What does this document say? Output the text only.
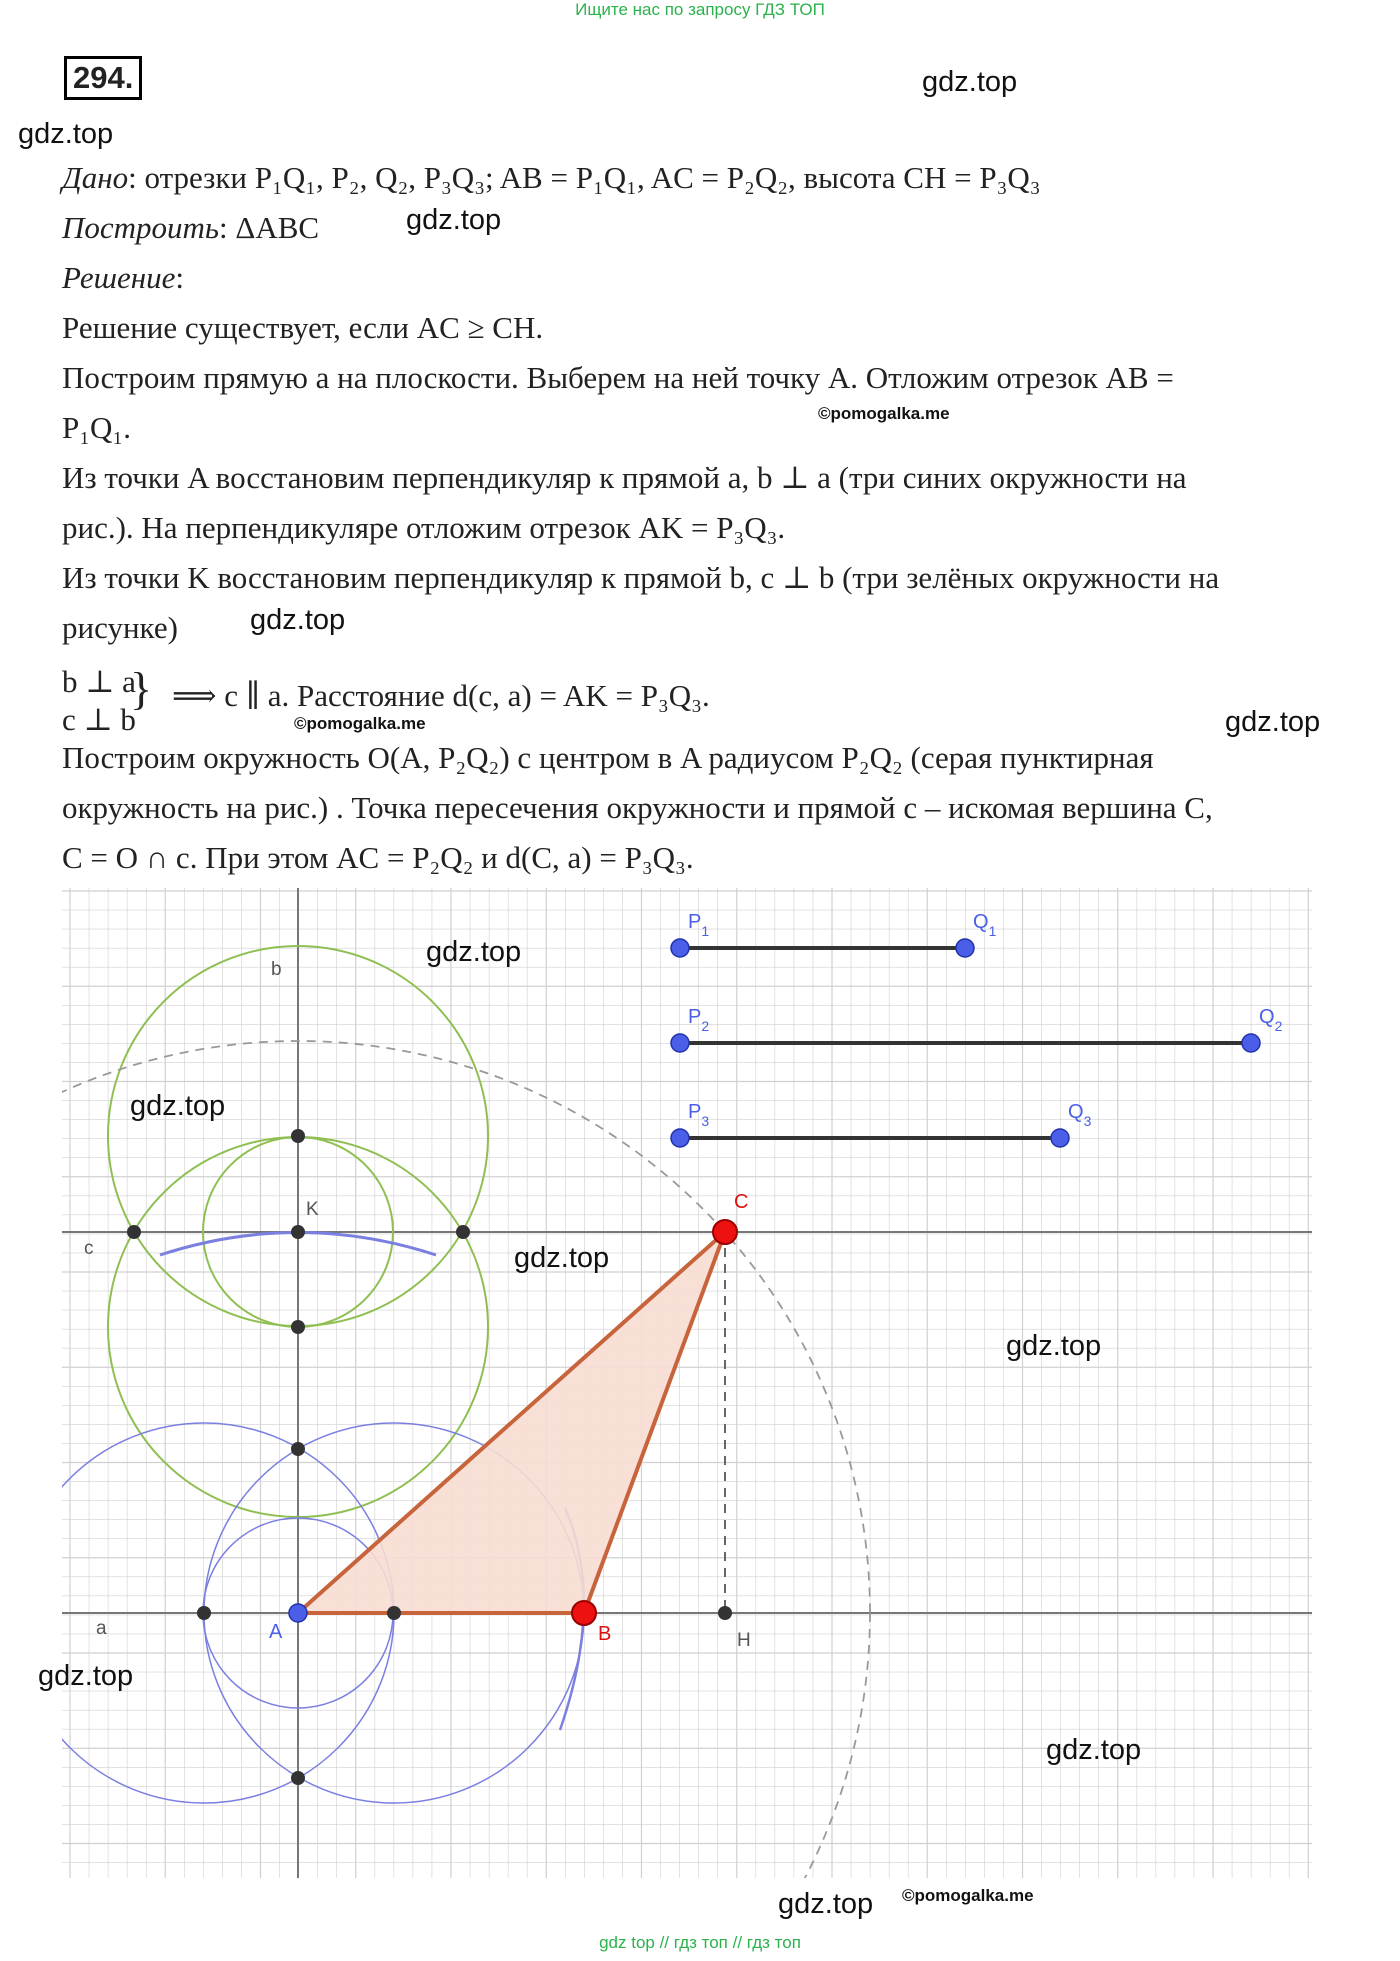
Ищите нас по запросу ГДЗ ТОП
294.	gdz.top
gdz.top
gdz.top
©pomogalka.me
gdz.top
©pomogalka.me	gdz.top
Дано: отрезки P₁Q₁, P₂, Q₂, P₃Q₃; AB = P₁Q₁, AC = P₂Q₂, высота CH = P₃Q₃
Построить: ΔABC
Решение:
Решение существует, если AC ≥ CH.
Построим прямую a на плоскости. Выберем на ней точку A. Отложим отрезок AB =
P₁Q₁.
Из точки A восстановим перпендикуляр к прямой a, b ⊥ a (три синих окружности на
рис.). На перпендикуляре отложим отрезок AK = P₃Q₃.
Из точки K восстановим перпендикуляр к прямой b, c ⊥ b (три зелёных окружности на
рисунке)
b ⊥ a
c ⊥ b
} ⟹ c ∥ a. Расстояние d(c, a) = AK = P₃Q₃.
Построим окружность O(A, P₂Q₂) с центром в A радиусом P₂Q₂ (серая пунктирная
окружность на рис.) . Точка пересечения окружности и прямой c – искомая вершина C,
C = O ∩ c. При этом AC = P₂Q₂ и d(C, a) = P₃Q₃.
a
b
c
K
H
A	B
C
$P_1$	$Q_1$
$P_2$	$Q_2$
$P_3$	$Q_3$
gdz.top
gdz.top
gdz.top
gdz.top
gdz.top
gdz.top
gdz.top ©pomogalka.me
gdz top // гдз топ // гдз топ
